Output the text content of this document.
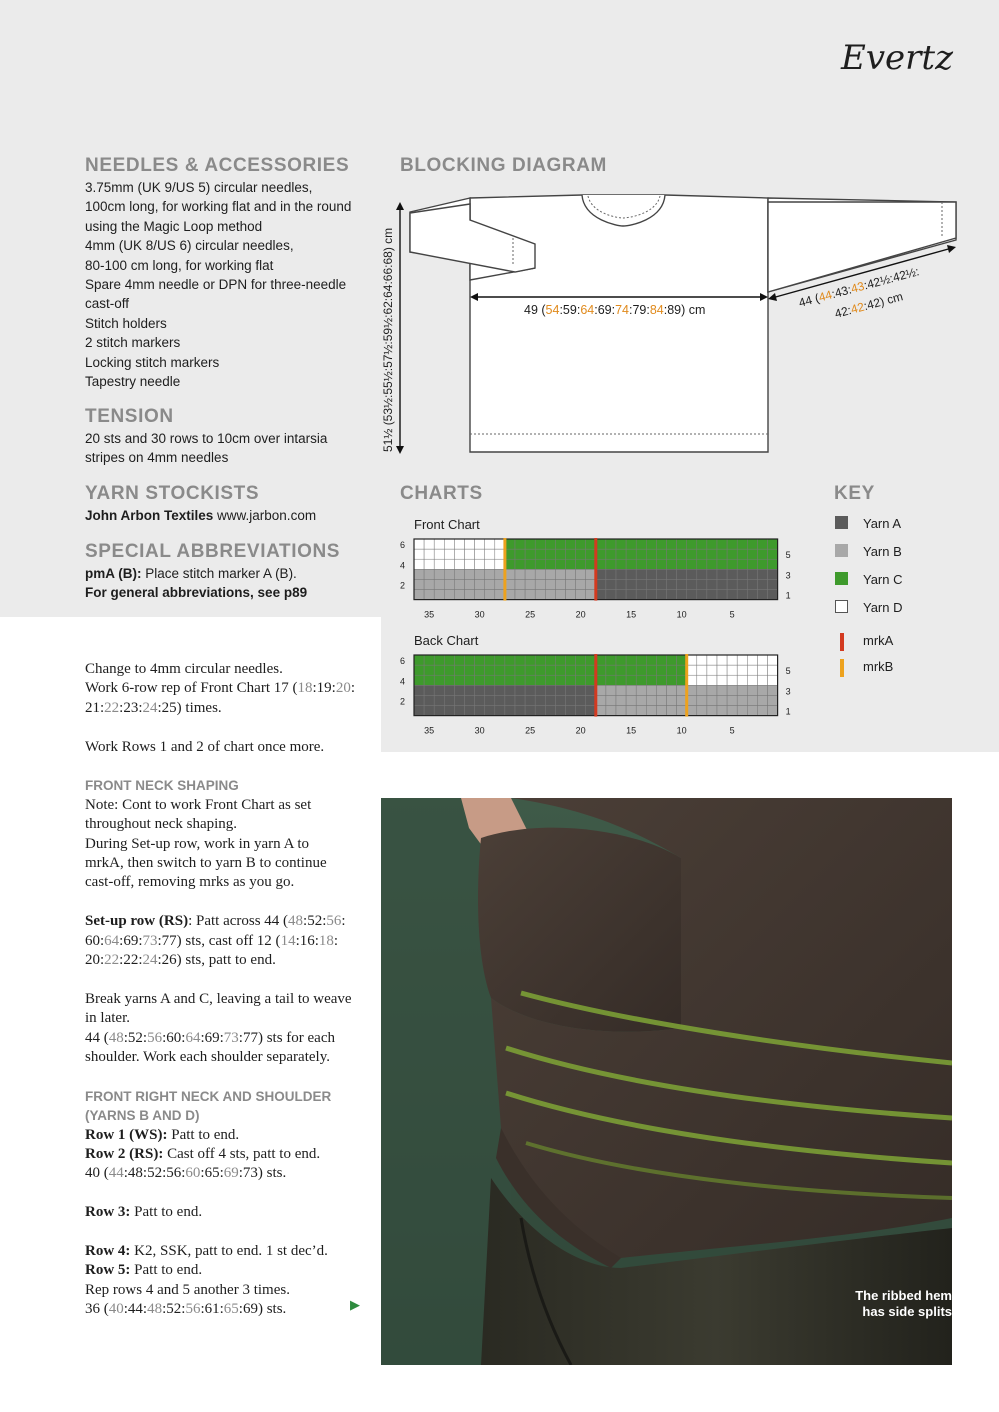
Evertz
NEEDLES & ACCESSORIES
3.75mm (UK 9/US 5) circular needles,
100cm long, for working flat and in the round
using the Magic Loop method
4mm (UK 8/US 6) circular needles,
80-100 cm long, for working flat
Spare 4mm needle or DPN for three-needle
cast-off
Stitch holders
2 stitch markers
Locking stitch markers
Tapestry needle
TENSION
20 sts and 30 rows to 10cm over intarsia
stripes on 4mm needles
YARN STOCKISTS
John Arbon Textiles www.jarbon.com
SPECIAL ABBREVIATIONS
pmA (B): Place stitch marker A (B).
For general abbreviations, see p89
BLOCKING DIAGRAM
49 (54:59:64:69:74:79:84:89) cm
51½ (53½:55½:57½:59½:62:64:66:68) cm	44 (44:43:43:42½:42½:
42:42:42) cm
CHARTS
Front Chart
Back Chart
6
4
2
5
3
1
35	30	25	20	15	10	5
6
4
2
5
3
1
35	30	25	20	15	10	5
KEY
Yarn A
Yarn B
Yarn C
Yarn D
mrkA
mrkB
Change to 4mm circular needles.
Work 6-row rep of Front Chart 17 (18:19:20:
21:22:23:24:25) times.
Work Rows 1 and 2 of chart once more.
FRONT NECK SHAPING
Note: Cont to work Front Chart as set
throughout neck shaping.
During Set-up row, work in yarn A to
mrkA, then switch to yarn B to continue
cast-off, removing mrks as you go.
Set-up row (RS): Patt across 44 (48:52:56:
60:64:69:73:77) sts, cast off 12 (14:16:18:
20:22:22:24:26) sts, patt to end.
Break yarns A and C, leaving a tail to weave
in later.
44 (48:52:56:60:64:69:73:77) sts for each
shoulder. Work each shoulder separately.
FRONT RIGHT NECK AND SHOULDER
(YARNS B AND D)
Row 1 (WS): Patt to end.
Row 2 (RS): Cast off 4 sts, patt to end.
40 (44:48:52:56:60:65:69:73) sts.
Row 3: Patt to end.
Row 4: K2, SSK, patt to end. 1 st dec’d.
Row 5: Patt to end.
Rep rows 4 and 5 another 3 times.
36 (40:44:48:52:56:61:65:69) sts.	▶
The ribbed hem
has side splits
